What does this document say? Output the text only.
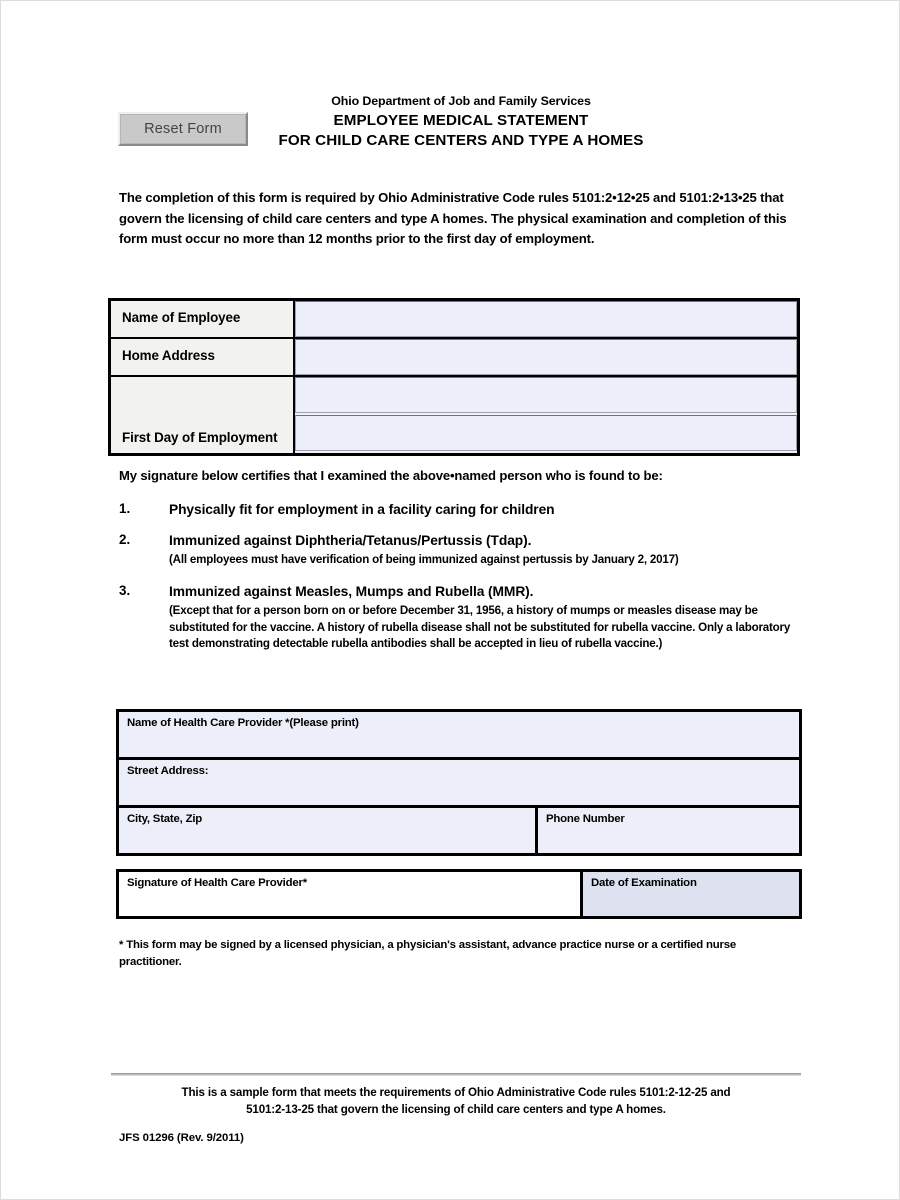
Reset Form
Ohio Department of Job and Family Services
EMPLOYEE MEDICAL STATEMENT
FOR CHILD CARE CENTERS AND TYPE A HOMES
The completion of this form is required by Ohio Administrative Code rules 5101:2•12•25 and 5101:2•13•25 that govern the licensing of child care centers and type A homes. The physical examination and completion of this form must occur no more than 12 months prior to the first day of employment.
Name of Employee
Home Address
First Day of Employment
My signature below certifies that I examined the above•named person who is found to be:
1.	Physically fit for employment in a facility caring for children
2.	Immunized against Diphtheria/Tetanus/Pertussis (Tdap).
(All employees must have verification of being immunized against pertussis by January 2, 2017)
3.	Immunized against Measles, Mumps and Rubella (MMR).
(Except that for a person born on or before December 31, 1956, a history of mumps or measles disease may be substituted for the vaccine. A history of rubella disease shall not be substituted for rubella vaccine. Only a laboratory test demonstrating detectable rubella antibodies shall be accepted in lieu of rubella vaccine.)
Name of Health Care Provider *(Please print)
Street Address:
City, State, Zip	Phone Number
Signature of Health Care Provider*	Date of Examination
* This form may be signed by a licensed physician, a physician's assistant, advance practice nurse or a certified nurse practitioner.
This is a sample form that meets the requirements of Ohio Administrative Code rules 5101:2-12-25 and
5101:2-13-25 that govern the licensing of child care centers and type A homes.
JFS 01296 (Rev. 9/2011)
